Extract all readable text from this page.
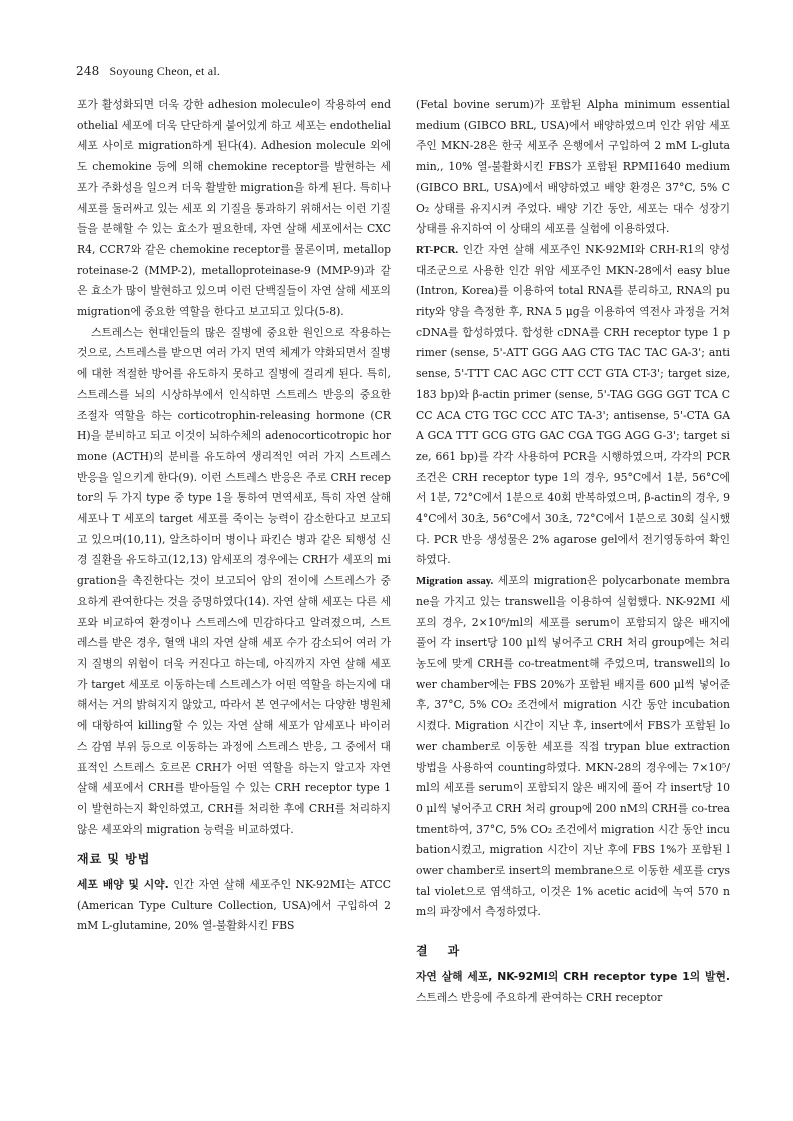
248 Soyoung Cheon, et al.

포가 활성화되면 더욱 강한 adhesion molecule이 작용하여 endothelial 세포에 더욱 단단하게 붙어있게 하고 세포는 endothelial 세포 사이로 migration하게 된다(4). Adhesion molecule 외에도 chemokine 등에 의해 chemokine receptor를 발현하는 세포가 주화성을 일으켜 더욱 활발한 migration을 하게 된다. 특히나 세포를 둘러싸고 있는 세포 외 기질을 통과하기 위해서는 이런 기질들을 분해할 수 있는 효소가 필요한데, 자연 살해 세포에서는 CXCR4, CCR7와 같은 chemokine receptor를 물론이며, metalloproteinase-2 (MMP-2), metalloproteinase-9 (MMP-9)과 같은 효소가 많이 발현하고 있으며 이런 단백질들이 자연 살해 세포의 migration에 중요한 역할을 한다고 보고되고 있다(5-8).

스트레스는 현대인들의 많은 질병에 중요한 원인으로 작용하는 것으로, 스트레스를 받으면 여러 가지 면역 체계가 약화되면서 질병에 대한 적절한 방어를 유도하지 못하고 질병에 걸리게 된다. 특히, 스트레스를 뇌의 시상하부에서 인식하면 스트레스 반응의 중요한 조절자 역할을 하는 corticotrophin-releasing hormone (CRH)을 분비하고 되고 이것이 뇌하수체의 adenocorticotropic hormone (ACTH)의 분비를 유도하여 생리적인 여러 가지 스트레스 반응을 일으키게 한다(9). 이런 스트레스 반응은 주로 CRH receptor의 두 가지 type 중 type 1을 통하여 면역세포, 특히 자연 살해 세포나 T 세포의 target 세포를 죽이는 능력이 감소한다고 보고되고 있으며(10,11), 알츠하이머 병이나 파킨슨 병과 같은 퇴행성 신경 질환을 유도하고(12,13) 암세포의 경우에는 CRH가 세포의 migration을 촉진한다는 것이 보고되어 암의 전이에 스트레스가 중요하게 관여한다는 것을 증명하였다(14). 자연 살해 세포는 다른 세포와 비교하여 환경이나 스트레스에 민감하다고 알려졌으며, 스트레스를 받은 경우, 혈액 내의 자연 살해 세포 수가 감소되어 여러 가지 질병의 위험이 더욱 커진다고 하는데, 아직까지 자연 살해 세포가 target 세포로 이동하는데 스트레스가 어떤 역할을 하는지에 대해서는 거의 밝혀지지 않았고, 따라서 본 연구에서는 다양한 병원체에 대항하여 killing할 수 있는 자연 살해 세포가 암세포나 바이러스 감염 부위 등으로 이동하는 과정에 스트레스 반응, 그 중에서 대표적인 스트레스 호르몬 CRH가 어떤 역할을 하는지 알고자 자연 살해 세포에서 CRH를 받아들일 수 있는 CRH receptor type 1이 발현하는지 확인하였고, CRH를 처리한 후에 CRH를 처리하지 않은 세포와의 migration 능력을 비교하였다.

재료 및 방법

세포 배양 및 시약. 인간 자연 살해 세포주인 NK-92MI는 ATCC (American Type Culture Collection, USA)에서 구입하여 2 mM L-glutamine, 20% 열-불활화시킨 FBS

(Fetal bovine serum)가 포함된 Alpha minimum essential medium (GIBCO BRL, USA)에서 배양하였으며 인간 위암 세포주인 MKN-28은 한국 세포주 은행에서 구입하여 2 mM L-glutamin,, 10% 열-불활화시킨 FBS가 포함된 RPMI1640 medium (GIBCO BRL, USA)에서 배양하였고 배양 환경은 37°C, 5% CO₂ 상태를 유지시켜 주었다. 배양 기간 동안, 세포는 대수 성장기 상태를 유지하여 이 상태의 세포를 실험에 이용하였다.

RT-PCR. 인간 자연 살해 세포주인 NK-92MI와 CRH-R1의 양성 대조군으로 사용한 인간 위암 세포주인 MKN-28에서 easy blue (Intron, Korea)를 이용하여 total RNA를 분리하고, RNA의 purity와 양을 측정한 후, RNA 5 μg을 이용하여 역전사 과정을 거쳐 cDNA를 합성하였다. 합성한 cDNA를 CRH receptor type 1 primer (sense, 5'-ATT GGG AAG CTG TAC TAC GA-3'; antisense, 5'-TTT CAC AGC CTT CCT GTA CT-3'; target size, 183 bp)와 β-actin primer (sense, 5'-TAG GGG GGT TCA CCC ACA CTG TGC CCC ATC TA-3'; antisense, 5'-CTA GAA GCA TTT GCG GTG GAC CGA TGG AGG G-3'; target size, 661 bp)를 각각 사용하여 PCR을 시행하였으며, 각각의 PCR 조건은 CRH receptor type 1의 경우, 95°C에서 1분, 56°C에서 1분, 72°C에서 1분으로 40회 반복하였으며, β-actin의 경우, 94°C에서 30초, 56°C에서 30초, 72°C에서 1분으로 30회 실시했다. PCR 반응 생성물은 2% agarose gel에서 전기영동하여 확인하였다.

Migration assay. 세포의 migration은 polycarbonate membrane을 가지고 있는 transwell을 이용하여 실험했다. NK-92MI 세포의 경우, 2×10⁶/ml의 세포를 serum이 포함되지 않은 배지에 풀어 각 insert당 100 μl씩 넣어주고 CRH 처리 group에는 처리 농도에 맞게 CRH를 co-treatment해 주었으며, transwell의 lower chamber에는 FBS 20%가 포함된 배지를 600 μl씩 넣어준 후, 37°C, 5% CO₂ 조건에서 migration 시간 동안 incubation시켰다. Migration 시간이 지난 후, insert에서 FBS가 포함된 lower chamber로 이동한 세포를 직접 trypan blue extraction 방법을 사용하여 counting하였다. MKN-28의 경우에는 7×10⁵/ml의 세포를 serum이 포함되지 않은 배지에 풀어 각 insert당 100 μl씩 넣어주고 CRH 처리 group에 200 nM의 CRH를 co-treatment하여, 37°C, 5% CO₂ 조건에서 migration 시간 동안 incubation시켰고, migration 시간이 지난 후에 FBS 1%가 포함된 lower chamber로 insert의 membrane으로 이동한 세포를 crystal violet으로 염색하고, 이것은 1% acetic acid에 녹여 570 nm의 파장에서 측정하였다.

결과

자연 살해 세포, NK-92MI의 CRH receptor type 1의 발현. 스트레스 반응에 주요하게 관여하는 CRH receptor
